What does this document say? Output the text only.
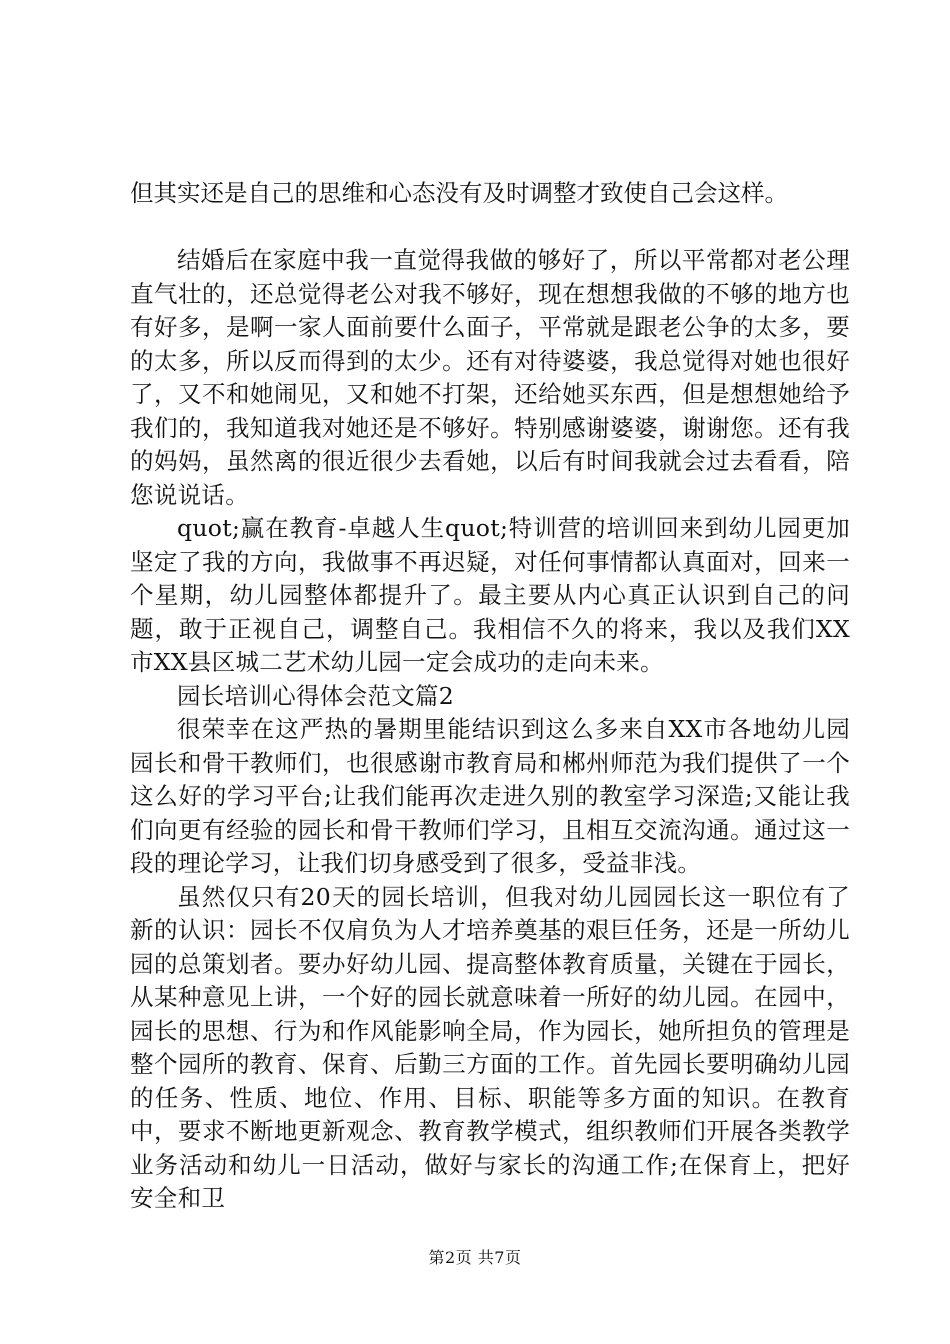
但其实还是自己的思维和心态没有及时调整才致使自己会这样。

结婚后在家庭中我一直觉得我做的够好了，所以平常都对老公理直气壮的，还总觉得老公对我不够好，现在想想我做的不够的地方也有好多，是啊一家人面前要什么面子，平常就是跟老公争的太多，要的太多，所以反而得到的太少。还有对待婆婆，我总觉得对她也很好了，又不和她闹见，又和她不打架，还给她买东西，但是想想她给予我们的，我知道我对她还是不够好。特别感谢婆婆，谢谢您。还有我的妈妈，虽然离的很近很少去看她，以后有时间我就会过去看看，陪您说说话。

quot;赢在教育-卓越人生quot;特训营的培训回来到幼儿园更加坚定了我的方向，我做事不再迟疑，对任何事情都认真面对，回来一个星期，幼儿园整体都提升了。最主要从内心真正认识到自己的问题，敢于正视自己，调整自己。我相信不久的将来，我以及我们XX市XX县区城二艺术幼儿园一定会成功的走向未来。

园长培训心得体会范文篇2

很荣幸在这严热的暑期里能结识到这么多来自XX市各地幼儿园园长和骨干教师们，也很感谢市教育局和郴州师范为我们提供了一个这么好的学习平台;让我们能再次走进久别的教室学习深造;又能让我们向更有经验的园长和骨干教师们学习，且相互交流沟通。通过这一段的理论学习，让我们切身感受到了很多，受益非浅。

虽然仅只有20天的园长培训，但我对幼儿园园长这一职位有了新的认识：园长不仅肩负为人才培养奠基的艰巨任务，还是一所幼儿园的总策划者。要办好幼儿园、提高整体教育质量，关键在于园长，从某种意见上讲，一个好的园长就意味着一所好的幼儿园。在园中，园长的思想、行为和作风能影响全局，作为园长，她所担负的管理是整个园所的教育、保育、后勤三方面的工作。首先园长要明确幼儿园的任务、性质、地位、作用、目标、职能等多方面的知识。在教育中，要求不断地更新观念、教育教学模式，组织教师们开展各类教学业务活动和幼儿一日活动，做好与家长的沟通工作;在保育上，把好安全和卫

第2页 共7页
